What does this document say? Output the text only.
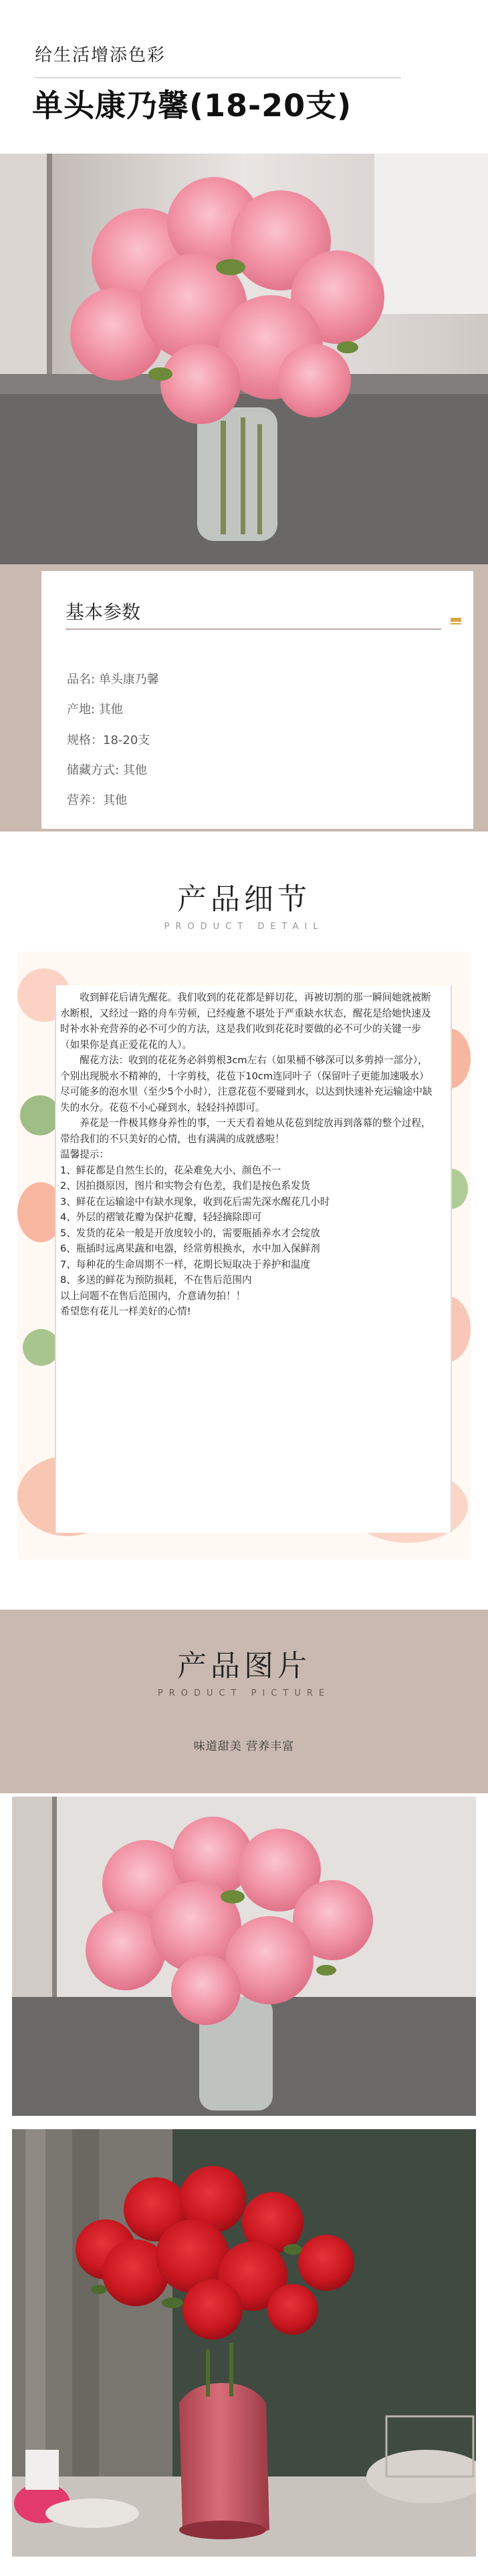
给生活增添色彩
单头康乃馨(18-20支)
基本参数
品名: 单头康乃馨
产地: 其他
规格：18-20支
储藏方式: 其他
营养：其他
产品细节
PRODUCT DETAIL

　　收到鲜花后请先醒花。我们收到的花花都是鲜切花，再被切割的那一瞬间她就被断水断根，又经过一路的舟车劳顿，已经瘦惫不堪处于严重缺水状态，醒花是给她快速及时补水补充营养的必不可少的方法，这是我们收到花花时要做的必不可少的关键一步（如果你是真正爱花花的人）。

　　醒花方法：收到的花花务必斜剪根3cm左右（如果桶不够深可以多剪掉一部分），个别出现脱水不精神的，十字剪枝，花苞下10cm连同叶子（保留叶子更能加速吸水）尽可能多的泡水里（至少5个小时），注意花苞不要碰到水，以达到快速补充运输途中缺失的水分。花苞不小心碰到水，轻轻抖掉即可。

　　养花是一件极其修身养性的事，一天天看着她从花苞到绽放再到落幕的整个过程，带给我们的不只美好的心情，也有满满的成就感啦！

温馨提示：

1、鲜花都是自然生长的，花朵难免大小、颜色不一

2、因拍摄原因，图片和实物会有色差，我们是按色系发货

3、鲜花在运输途中有缺水现象，收到花后需先深水醒花几小时

4、外层的褶皱花瓣为保护花瓣，轻轻摘除即可

5、发货的花朵一般是开放度较小的，需要瓶插养水才会绽放

6、瓶插时远离果蔬和电器，经常剪根换水，水中加入保鲜剂

7、每种花的生命周期不一样，花期长短取决于养护和温度

8、多送的鲜花为预防损耗，不在售后范围内

以上问题不在售后范围内，介意请勿拍！！

希望您有花儿一样美好的心情!

产品图片
PRODUCT PICTURE
味道甜美 营养丰富
